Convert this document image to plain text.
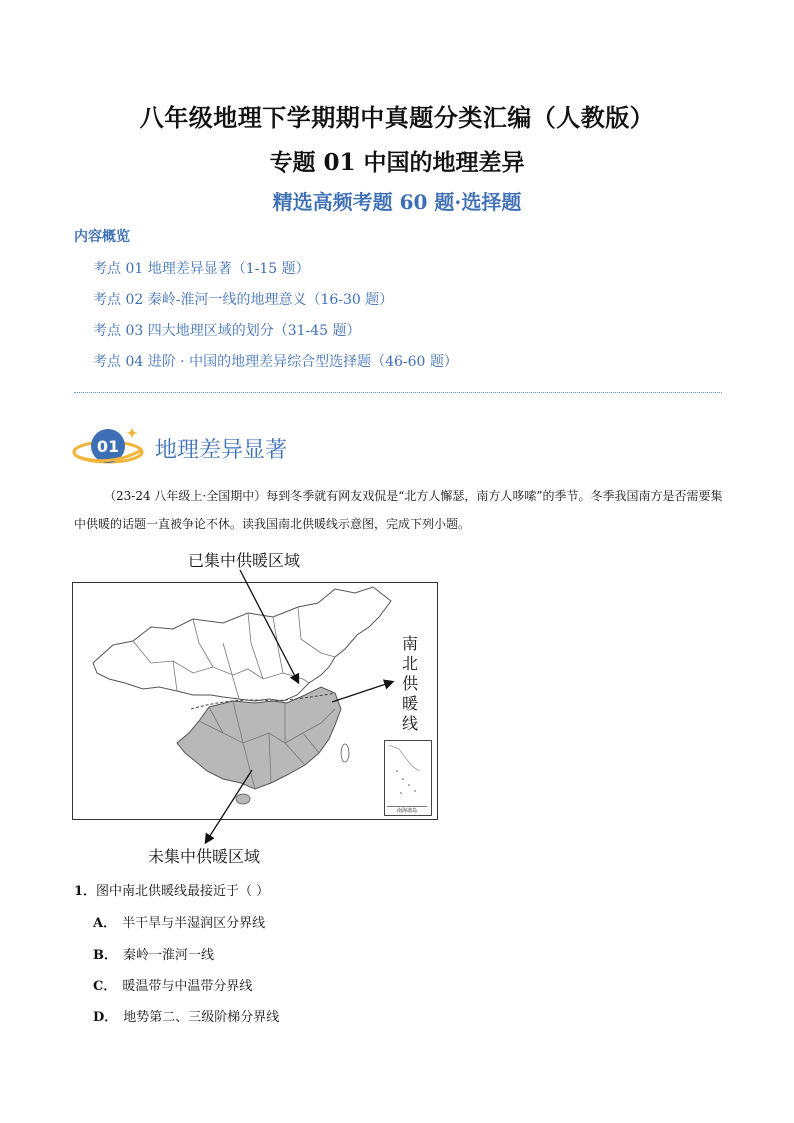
八年级地理下学期期中真题分类汇编（人教版）
专题 01 中国的地理差异
精选高频考题 60 题·选择题
内容概览
考点 01 地理差异显著（1-15 题）
考点 02 秦岭-淮河一线的地理意义（16-30 题）
考点 03 四大地理区域的划分（31-45 题）
考点 04 进阶 · 中国的地理差异综合型选择题（46-60 题）
01 地理差异显著
（23-24 八年级上·全国期中）每到冬季就有网友戏侃是“北方人懈瑟，南方人哆嗦”的季节。冬季我国南方是否需要集中供暖的话题一直被争论不休。读我国南北供暖线示意图，完成下列小题。
已集中供暖区域
南海诸岛
南北供暖线
未集中供暖区域
1．图中南北供暖线最接近于（ ）
A． 半干旱与半湿润区分界线
B． 秦岭一淮河一线
C． 暖温带与中温带分界线
D． 地势第二、三级阶梯分界线
